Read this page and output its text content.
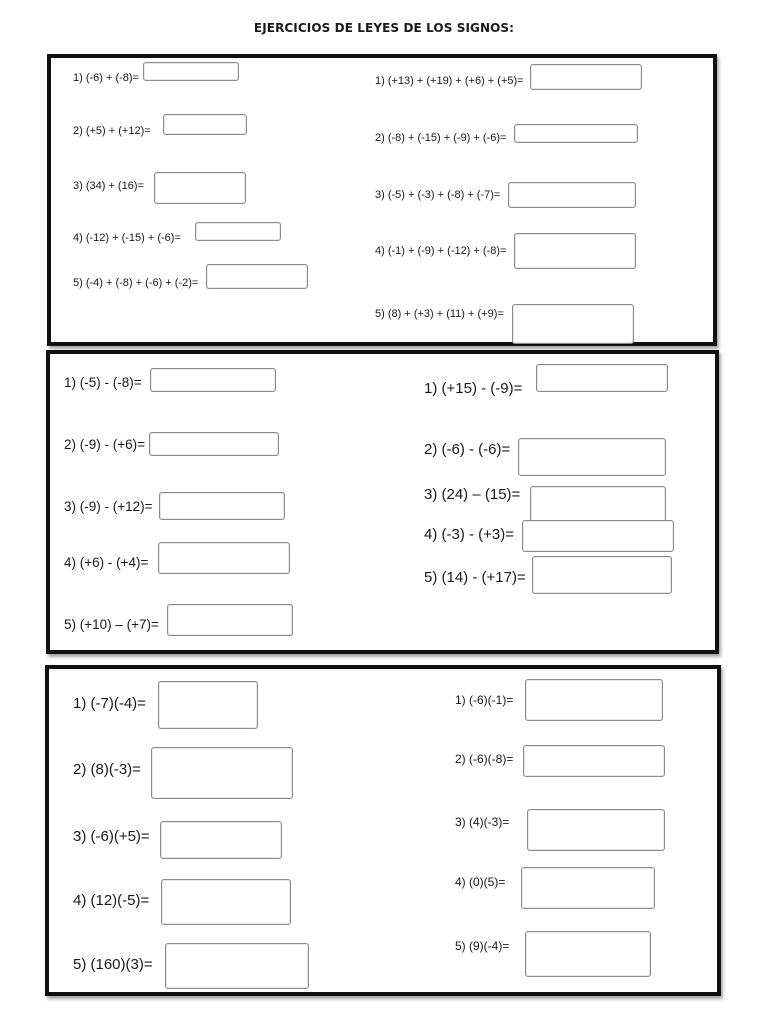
EJERCICIOS DE LEYES DE LOS SIGNOS:
1) (-6) + (-8)=
2) (+5) + (+12)=
3) (34) + (16)=
4) (-12) + (-15) + (-6)=
5) (-4) + (-8) + (-6) + (-2)=
1) (+13) + (+19) + (+6) + (+5)=
2) (-8) + (-15) + (-9) + (-6)=
3) (-5) + (-3) + (-8) + (-7)=
4) (-1) + (-9) + (-12) + (-8)=
5) (8) + (+3) + (11) + (+9)=
1) (-5) - (-8)=
2) (-9) - (+6)=
3) (-9) - (+12)=
4) (+6) - (+4)=
5) (+10) – (+7)=
1) (+15) - (-9)=
2) (-6) - (-6)=
3) (24) – (15)=
4) (-3) - (+3)=
5) (14) - (+17)=
1) (-7)(-4)=
2) (8)(-3)=
3) (-6)(+5)=
4) (12)(-5)=
5) (160)(3)=
1) (-6)(-1)=
2) (-6)(-8)=
3) (4)(-3)=
4) (0)(5)=
5) (9)(-4)=
